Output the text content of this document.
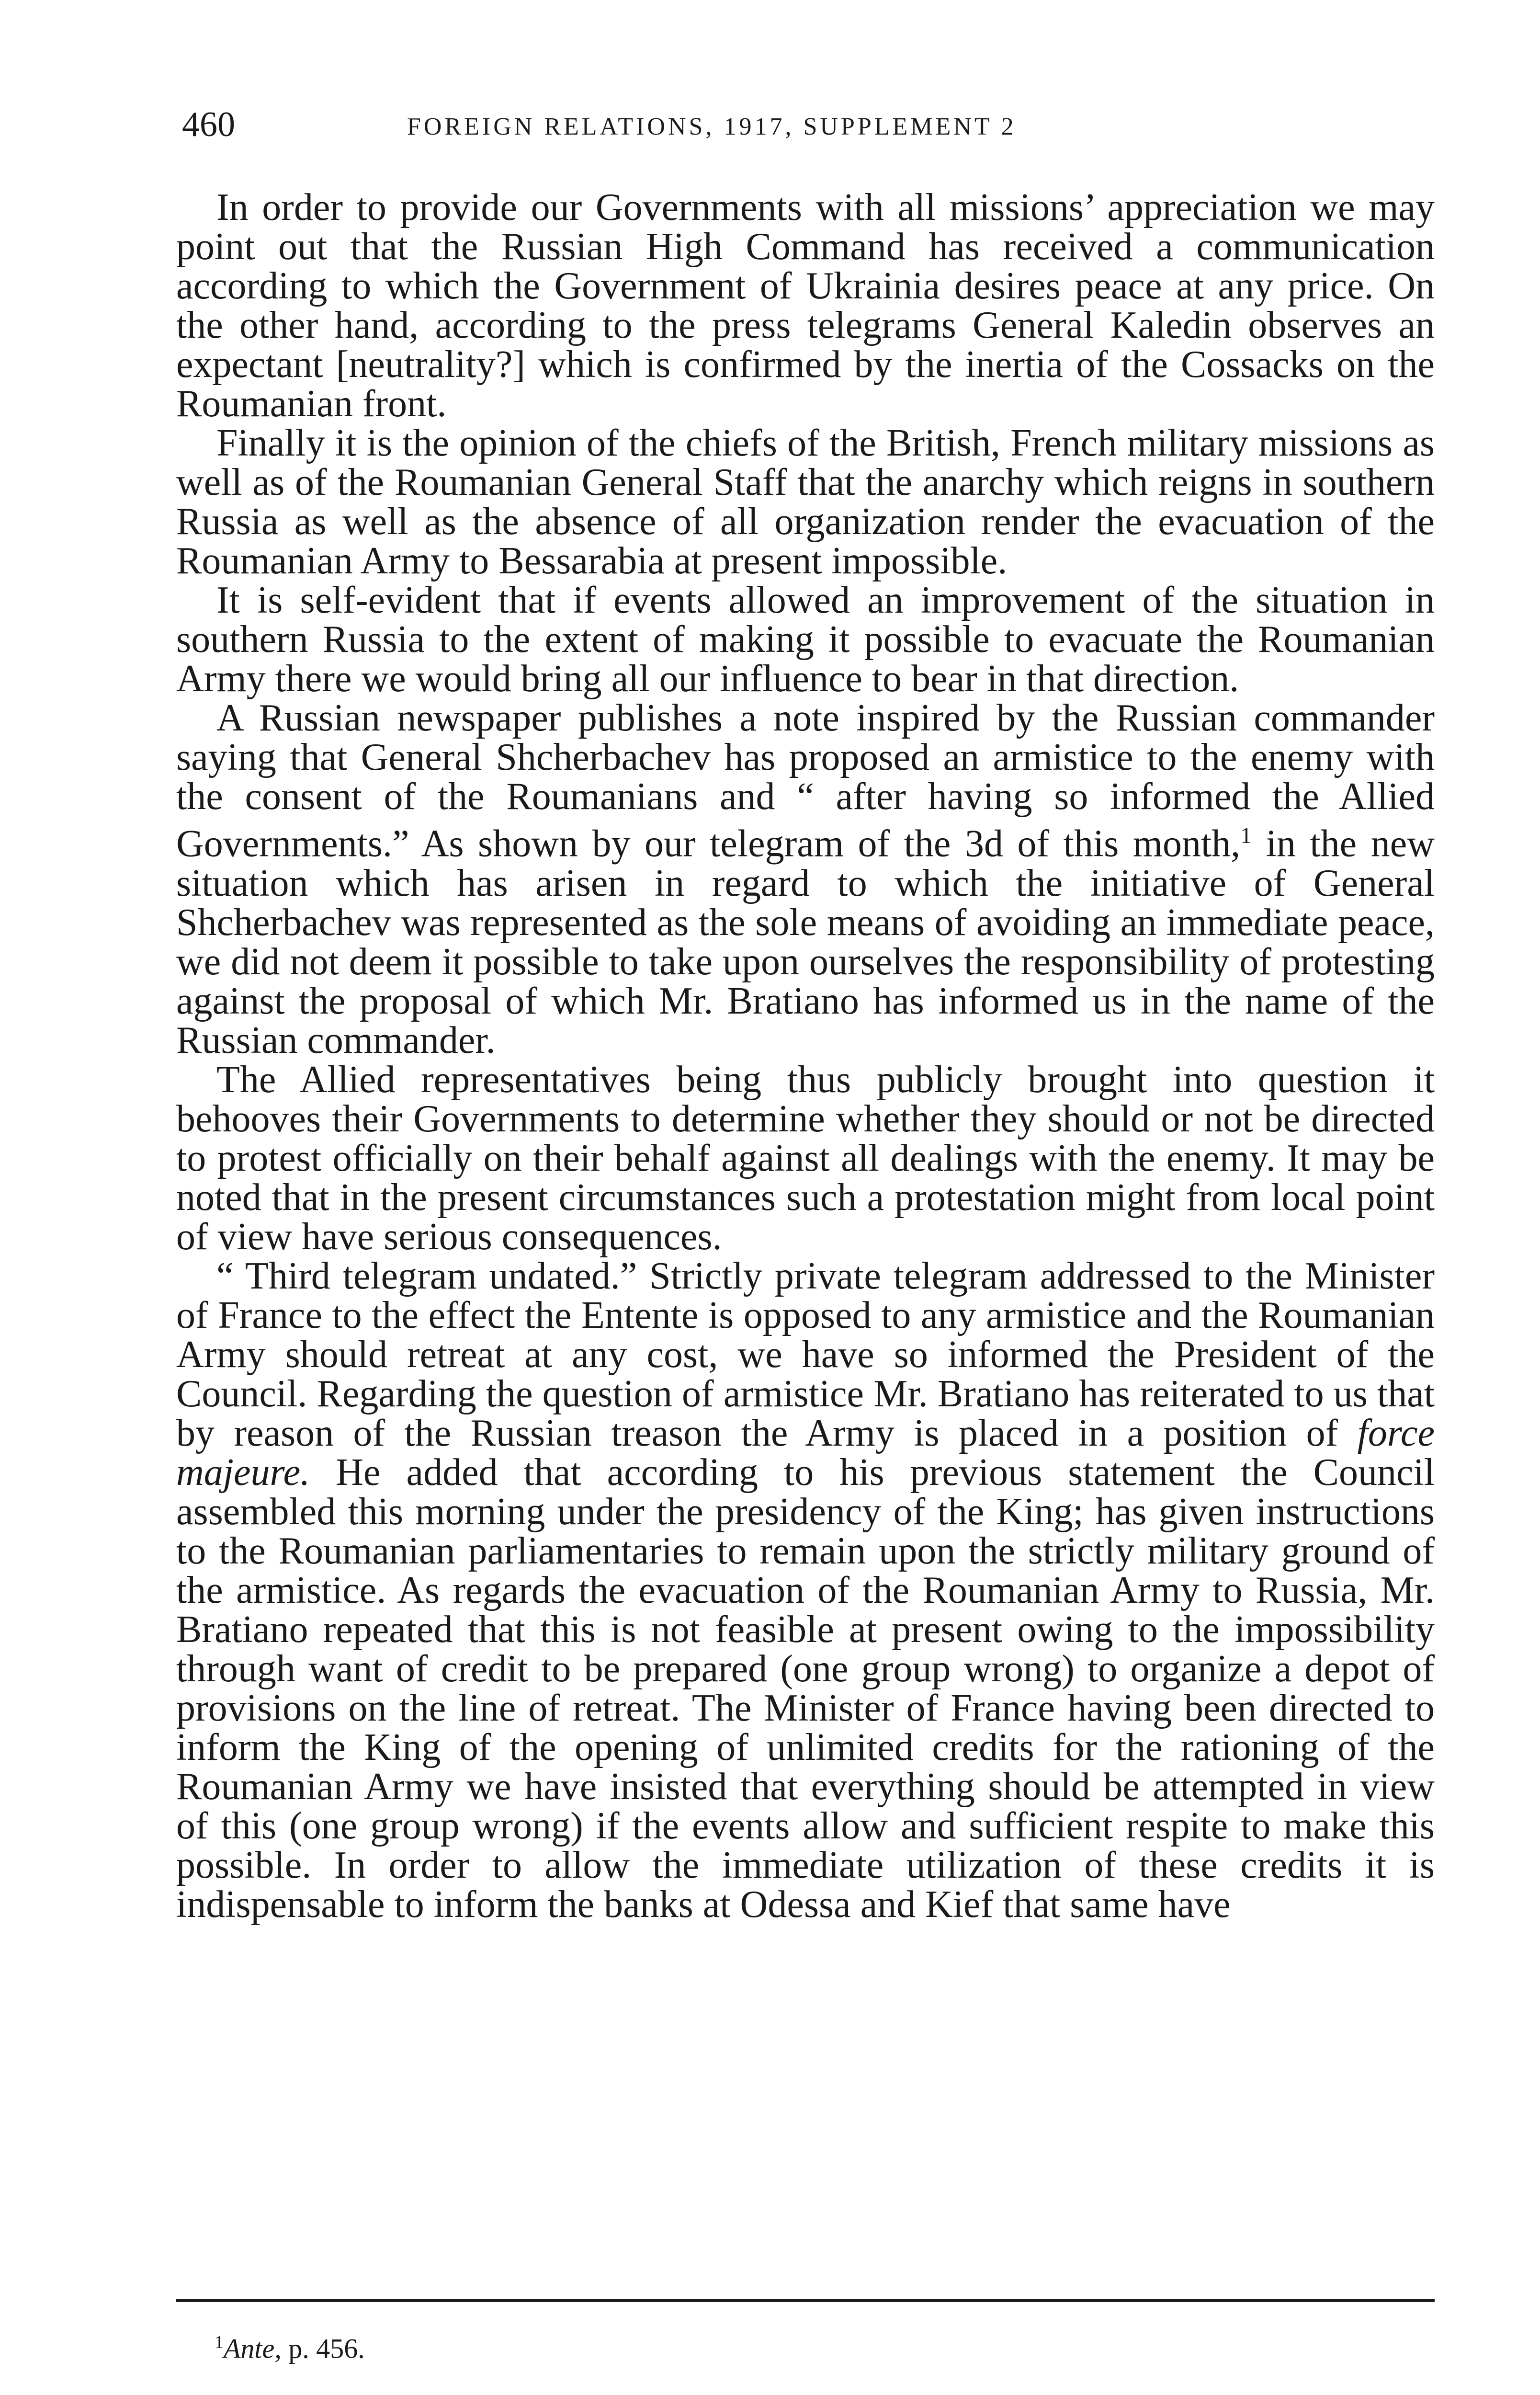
460	FOREIGN RELATIONS, 1917, SUPPLEMENT 2

In order to provide our Governments with all missions’ appreciation we may point out that the Russian High Command has received a communication according to which the Government of Ukrainia desires peace at any price. On the other hand, according to the press telegrams General Kaledin observes an expectant [neutrality?] which is confirmed by the inertia of the Cossacks on the Roumanian front.

Finally it is the opinion of the chiefs of the British, French military missions as well as of the Roumanian General Staff that the anarchy which reigns in southern Russia as well as the absence of all organization render the evacuation of the Roumanian Army to Bessarabia at present impossible.

It is self-evident that if events allowed an improvement of the situation in southern Russia to the extent of making it possible to evacuate the Roumanian Army there we would bring all our influence to bear in that direction.

A Russian newspaper publishes a note inspired by the Russian commander saying that General Shcherbachev has proposed an armistice to the enemy with the consent of the Roumanians and “ after having so informed the Allied Governments.” As shown by our telegram of the 3d of this month,$^1$ in the new situation which has arisen in regard to which the initiative of General Shcherbachev was represented as the sole means of avoiding an immediate peace, we did not deem it possible to take upon ourselves the responsibility of protesting against the proposal of which Mr. Bratiano has informed us in the name of the Russian commander.

The Allied representatives being thus publicly brought into question it behooves their Governments to determine whether they should or not be directed to protest officially on their behalf against all dealings with the enemy. It may be noted that in the present circumstances such a protestation might from local point of view have serious consequences.

“ Third telegram undated.” Strictly private telegram addressed to the Minister of France to the effect the Entente is opposed to any armistice and the Roumanian Army should retreat at any cost, we have so informed the President of the Council. Regarding the question of armistice Mr. Bratiano has reiterated to us that by reason of the Russian treason the Army is placed in a position of force majeure. He added that according to his previous statement the Council assembled this morning under the presidency of the King; has given instructions to the Roumanian parliamentaries to remain upon the strictly military ground of the armistice. As regards the evacuation of the Roumanian Army to Russia, Mr. Bratiano repeated that this is not feasible at present owing to the impossibility through want of credit to be prepared (one group wrong) to organize a depot of provisions on the line of retreat. The Minister of France having been directed to inform the King of the opening of unlimited credits for the rationing of the Roumanian Army we have insisted that everything should be attempted in view of this (one group wrong) if the events allow and sufficient respite to make this possible. In order to allow the immediate utilization of these credits it is indispensable to inform the banks at Odessa and Kief that same have

$^1$Ante, p. 456.
